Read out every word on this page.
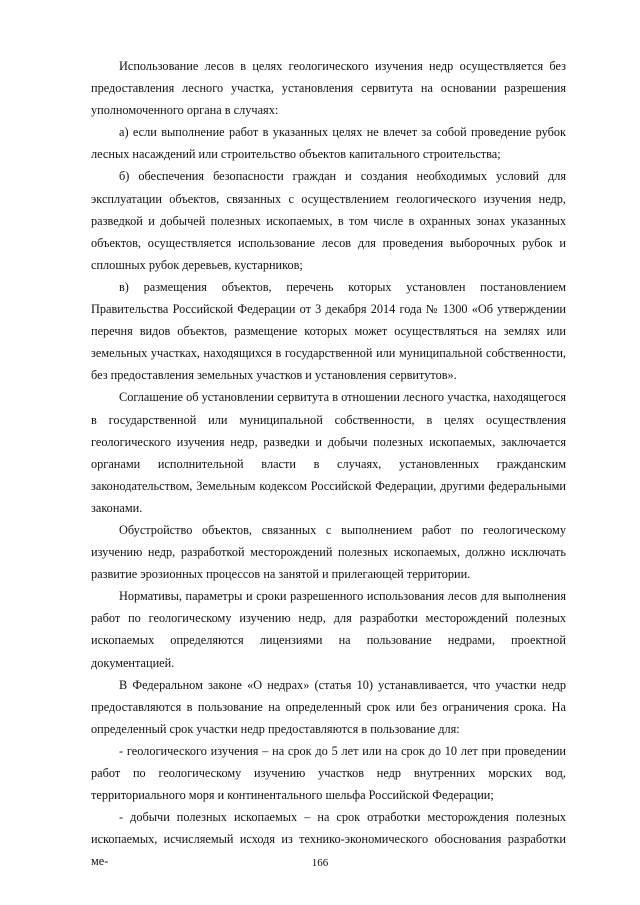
Использование лесов в целях геологического изучения недр осуществляется без предоставления лесного участка, установления сервитута на основании разрешения уполномоченного органа в случаях:

а) если выполнение работ в указанных целях не влечет за собой проведение рубок лесных насаждений или строительство объектов капитального строительства;

б) обеспечения безопасности граждан и создания необходимых условий для эксплуатации объектов, связанных с осуществлением геологического изучения недр, разведкой и добычей полезных ископаемых, в том числе в охранных зонах указанных объектов, осуществляется использование лесов для проведения выборочных рубок и сплошных рубок деревьев, кустарников;

в) размещения объектов, перечень которых установлен постановлением Правительства Российской Федерации от 3 декабря 2014 года № 1300 «Об утверждении перечня видов объектов, размещение которых может осуществляться на землях или земельных участках, находящихся в государственной или муниципальной собственности, без предоставления земельных участков и установления сервитутов».

Соглашение об установлении сервитута в отношении лесного участка, находящегося в государственной или муниципальной собственности, в целях осуществления геологического изучения недр, разведки и добычи полезных ископаемых, заключается органами исполнительной власти в случаях, установленных гражданским законодательством, Земельным кодексом Российской Федерации, другими федеральными законами.

Обустройство объектов, связанных с выполнением работ по геологическому изучению недр, разработкой месторождений полезных ископаемых, должно исключать развитие эрозионных процессов на занятой и прилегающей территории.

Нормативы, параметры и сроки разрешенного использования лесов для выполнения работ по геологическому изучению недр, для разработки месторождений полезных ископаемых определяются лицензиями на пользование недрами, проектной документацией.

В Федеральном законе «О недрах» (статья 10) устанавливается, что участки недр предоставляются в пользование на определенный срок или без ограничения срока. На определенный срок участки недр предоставляются в пользование для:

- геологического изучения – на срок до 5 лет или на срок до 10 лет при проведении работ по геологическому изучению участков недр внутренних морских вод, территориального моря и континентального шельфа Российской Федерации;

- добычи полезных ископаемых – на срок отработки месторождения полезных ископаемых, исчисляемый исходя из технико-экономического обоснования разработки ме-	166
